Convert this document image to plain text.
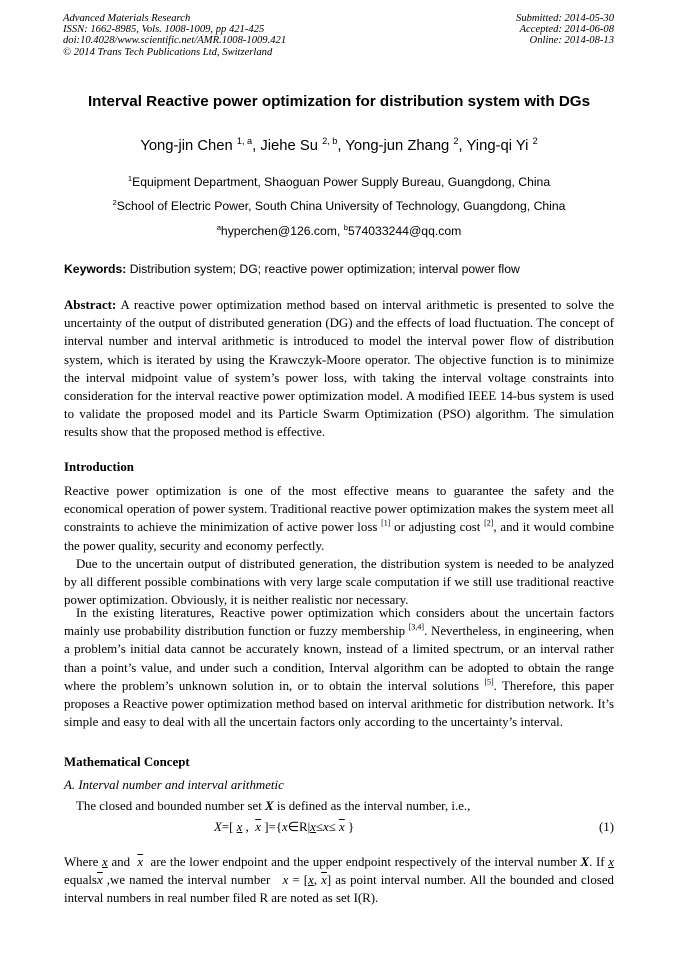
Advanced Materials Research
ISSN: 1662-8985, Vols. 1008-1009, pp 421-425
doi:10.4028/www.scientific.net/AMR.1008-1009.421
© 2014 Trans Tech Publications Ltd, Switzerland
Submitted: 2014-05-30
Accepted: 2014-06-08
Online: 2014-08-13
Interval Reactive power optimization for distribution system with DGs
Yong-jin Chen $^{1, a}$, Jiehe Su $^{2, b}$, Yong-jun Zhang $^2$, Ying-qi Yi $^2$
$^1$Equipment Department, Shaoguan Power Supply Bureau, Guangdong, China
$^2$School of Electric Power, South China University of Technology, Guangdong, China
$^a$hyperchen@126.com, $^b$574033244@qq.com
Keywords: Distribution system; DG; reactive power optimization; interval power flow
Abstract: A reactive power optimization method based on interval arithmetic is presented to solve the uncertainty of the output of distributed generation (DG) and the effects of load fluctuation. The concept of interval number and interval arithmetic is introduced to model the interval power flow of distribution system, which is iterated by using the Krawczyk-Moore operator. The objective function is to minimize the interval midpoint value of system’s power loss, with taking the interval voltage constraints into consideration for the interval reactive power optimization model. A modified IEEE 14-bus system is used to validate the proposed model and its Particle Swarm Optimization (PSO) algorithm. The simulation results show that the proposed method is effective.
Introduction
Reactive power optimization is one of the most effective means to guarantee the safety and the economical operation of power system. Traditional reactive power optimization makes the system meet all constraints to achieve the minimization of active power loss [1] or adjusting cost [2], and it would combine the power quality, security and economy perfectly.
Due to the uncertain output of distributed generation, the distribution system is needed to be analyzed by all different possible combinations with very large scale computation if we still use traditional reactive power optimization. Obviously, it is neither realistic nor necessary.
In the existing literatures, Reactive power optimization which considers about the uncertain factors mainly use probability distribution function or fuzzy membership [3,4]. Nevertheless, in engineering, when a problem’s initial data cannot be accurately known, instead of a limited spectrum, or an interval rather than a point’s value, and under such a condition, Interval algorithm can be adopted to obtain the range where the problem’s unknown solution in, or to obtain the interval solutions [5]. Therefore, this paper proposes a Reactive power optimization method based on interval arithmetic for distribution network. It’s simple and easy to deal with all the uncertain factors only according to the uncertainty’s interval.
Mathematical Concept
A. Interval number and interval arithmetic
The closed and bounded number set X is defined as the interval number, i.e.,
X=[ x ,  $\overline{x}$ ]={x∈R|x≤x≤ $\overline{x}$ }	(1)
Where x and $\overline{x}$ are the lower endpoint and the upper endpoint respectively of the interval number X. If x $equals\overline{x}$ ,we named the interval number x = [x, $\overline{x}$] as point interval number. All the bounded and closed interval numbers in real number filed R are noted as set I(R).
